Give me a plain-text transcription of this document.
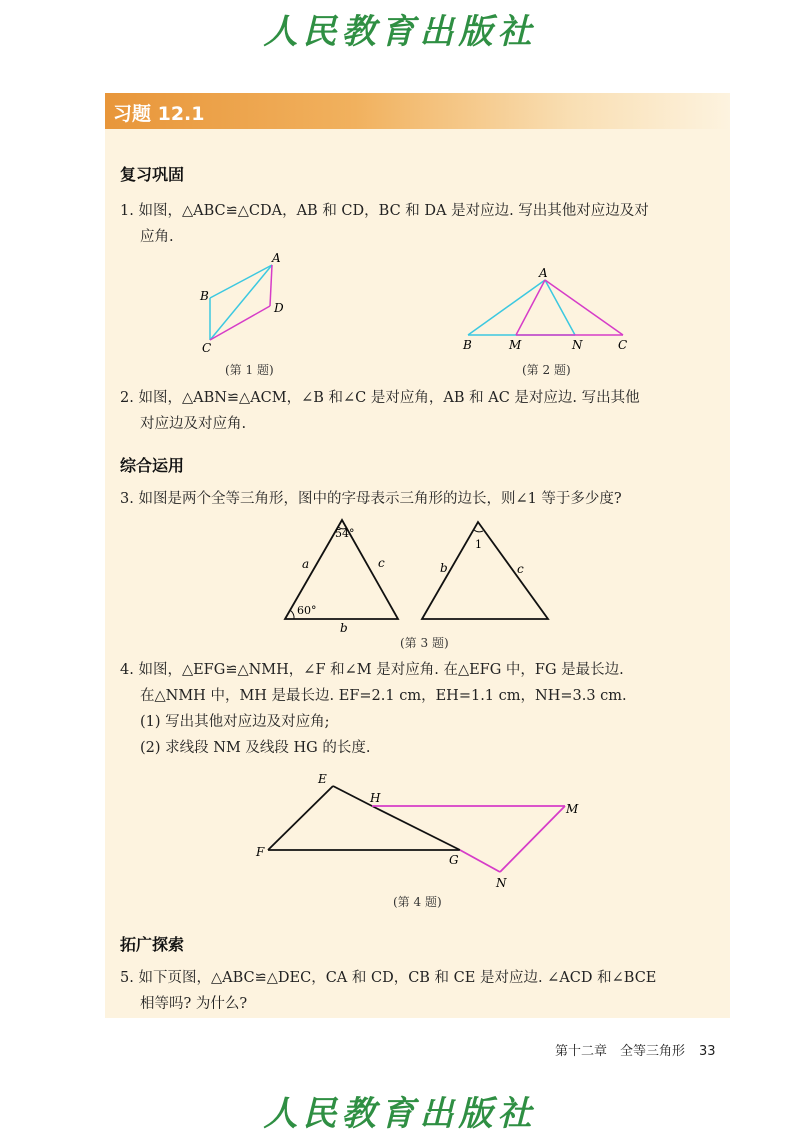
人民教育出版社
习题 12.1
复习巩固
1. 如图，△ABC≌△CDA，AB 和 CD，BC 和 DA 是对应边. 写出其他对应边及对
应角.
A
B
C
D
A
B	M	N	C
54°
60°
a	c
b
1
b	c
E
H
M
F
G
N
(第 1 题)	(第 2 题)
2. 如图，△ABN≌△ACM，∠B 和∠C 是对应角，AB 和 AC 是对应边. 写出其他
对应边及对应角.
综合运用
3. 如图是两个全等三角形，图中的字母表示三角形的边长，则∠1 等于多少度?
(第 3 题)
4. 如图，△EFG≌△NMH，∠F 和∠M 是对应角. 在△EFG 中，FG 是最长边.
在△NMH 中，MH 是最长边. EF=2.1 cm，EH=1.1 cm，NH=3.3 cm.
(1) 写出其他对应边及对应角;
(2) 求线段 NM 及线段 HG 的长度.
(第 4 题)
拓广探索
5. 如下页图，△ABC≌△DEC，CA 和 CD，CB 和 CE 是对应边. ∠ACD 和∠BCE
相等吗? 为什么?
第十二章　全等三角形 33
人民教育出版社
